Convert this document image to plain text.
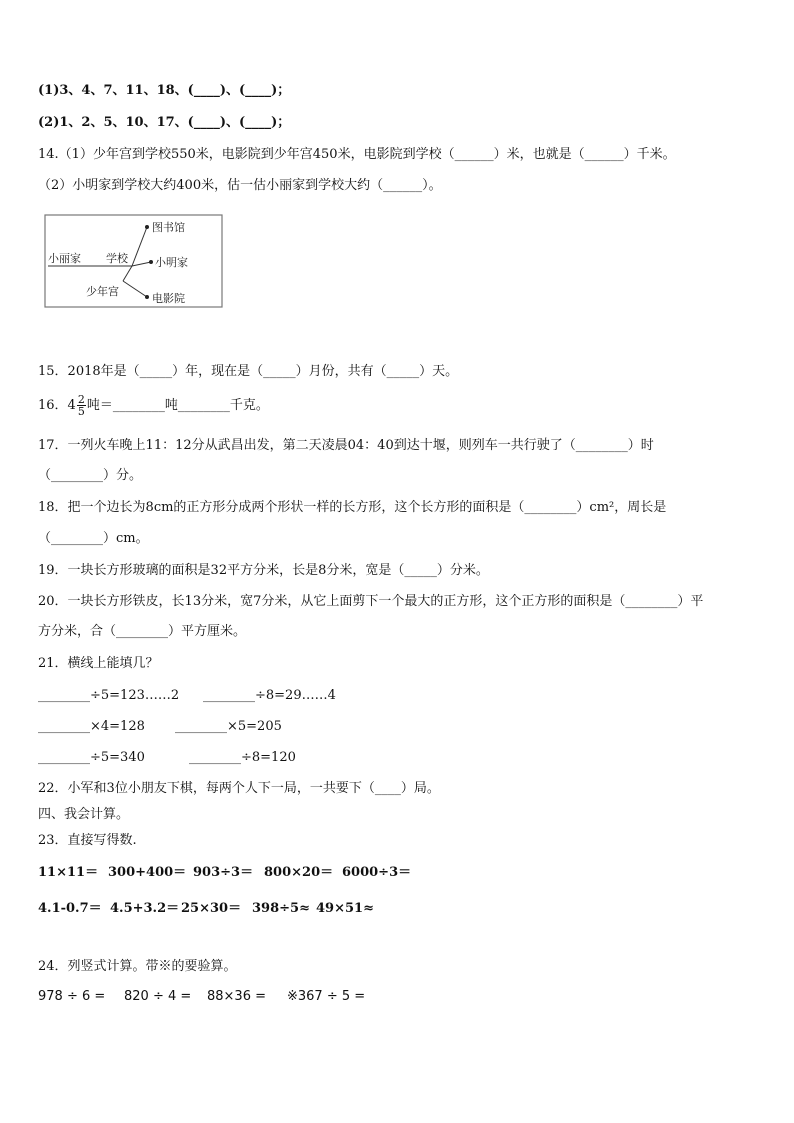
(1)3、4、7、11、18、(____)、(____)；
(2)1、2、5、10、17、(____)、(____)；
14.（1）少年宫到学校550米，电影院到少年宫450米，电影院到学校（______）米，也就是（______）千米。
（2）小明家到学校大约400米，估一估小丽家到学校大约（______）。
图书馆
小丽家 学校 小明家
少年宫
电影院
15．2018年是（_____）年，现在是（_____）月份，共有（_____）天。
16．$4 \frac{2}{5}$ 吨＝________吨________千克。
17．一列火车晚上11：12分从武昌出发，第二天凌晨04：40到达十堰，则列车一共行驶了（________）时
（________）分。
18．把一个边长为8cm的正方形分成两个形状一样的长方形，这个长方形的面积是（________）cm²，周长是
（________）cm。
19．一块长方形玻璃的面积是32平方分米，长是8分米，宽是（_____）分米。
20．一块长方形铁皮，长13分米，宽7分米，从它上面剪下一个最大的正方形，这个正方形的面积是（________）平
方分米，合（________）平方厘米。
21．横线上能填几？
________÷5=123……2 ________÷8=29……4
________×4=128 ________×5=205
________÷5=340	________÷8=120
22．小军和3位小朋友下棋，每两个人下一局，一共要下（____）局。
四、我会计算。
23．直接写得数.
11×11＝ 300+400＝ 903÷3＝ 800×20＝ 6000÷3＝
4.1-0.7＝ 4.5+3.2＝ 25×30＝ 398÷5≈ 49×51≈
24．列竖式计算。带※的要验算。
978 ÷ 6 = 820 ÷ 4 = 88×36 = ※367 ÷ 5 =
